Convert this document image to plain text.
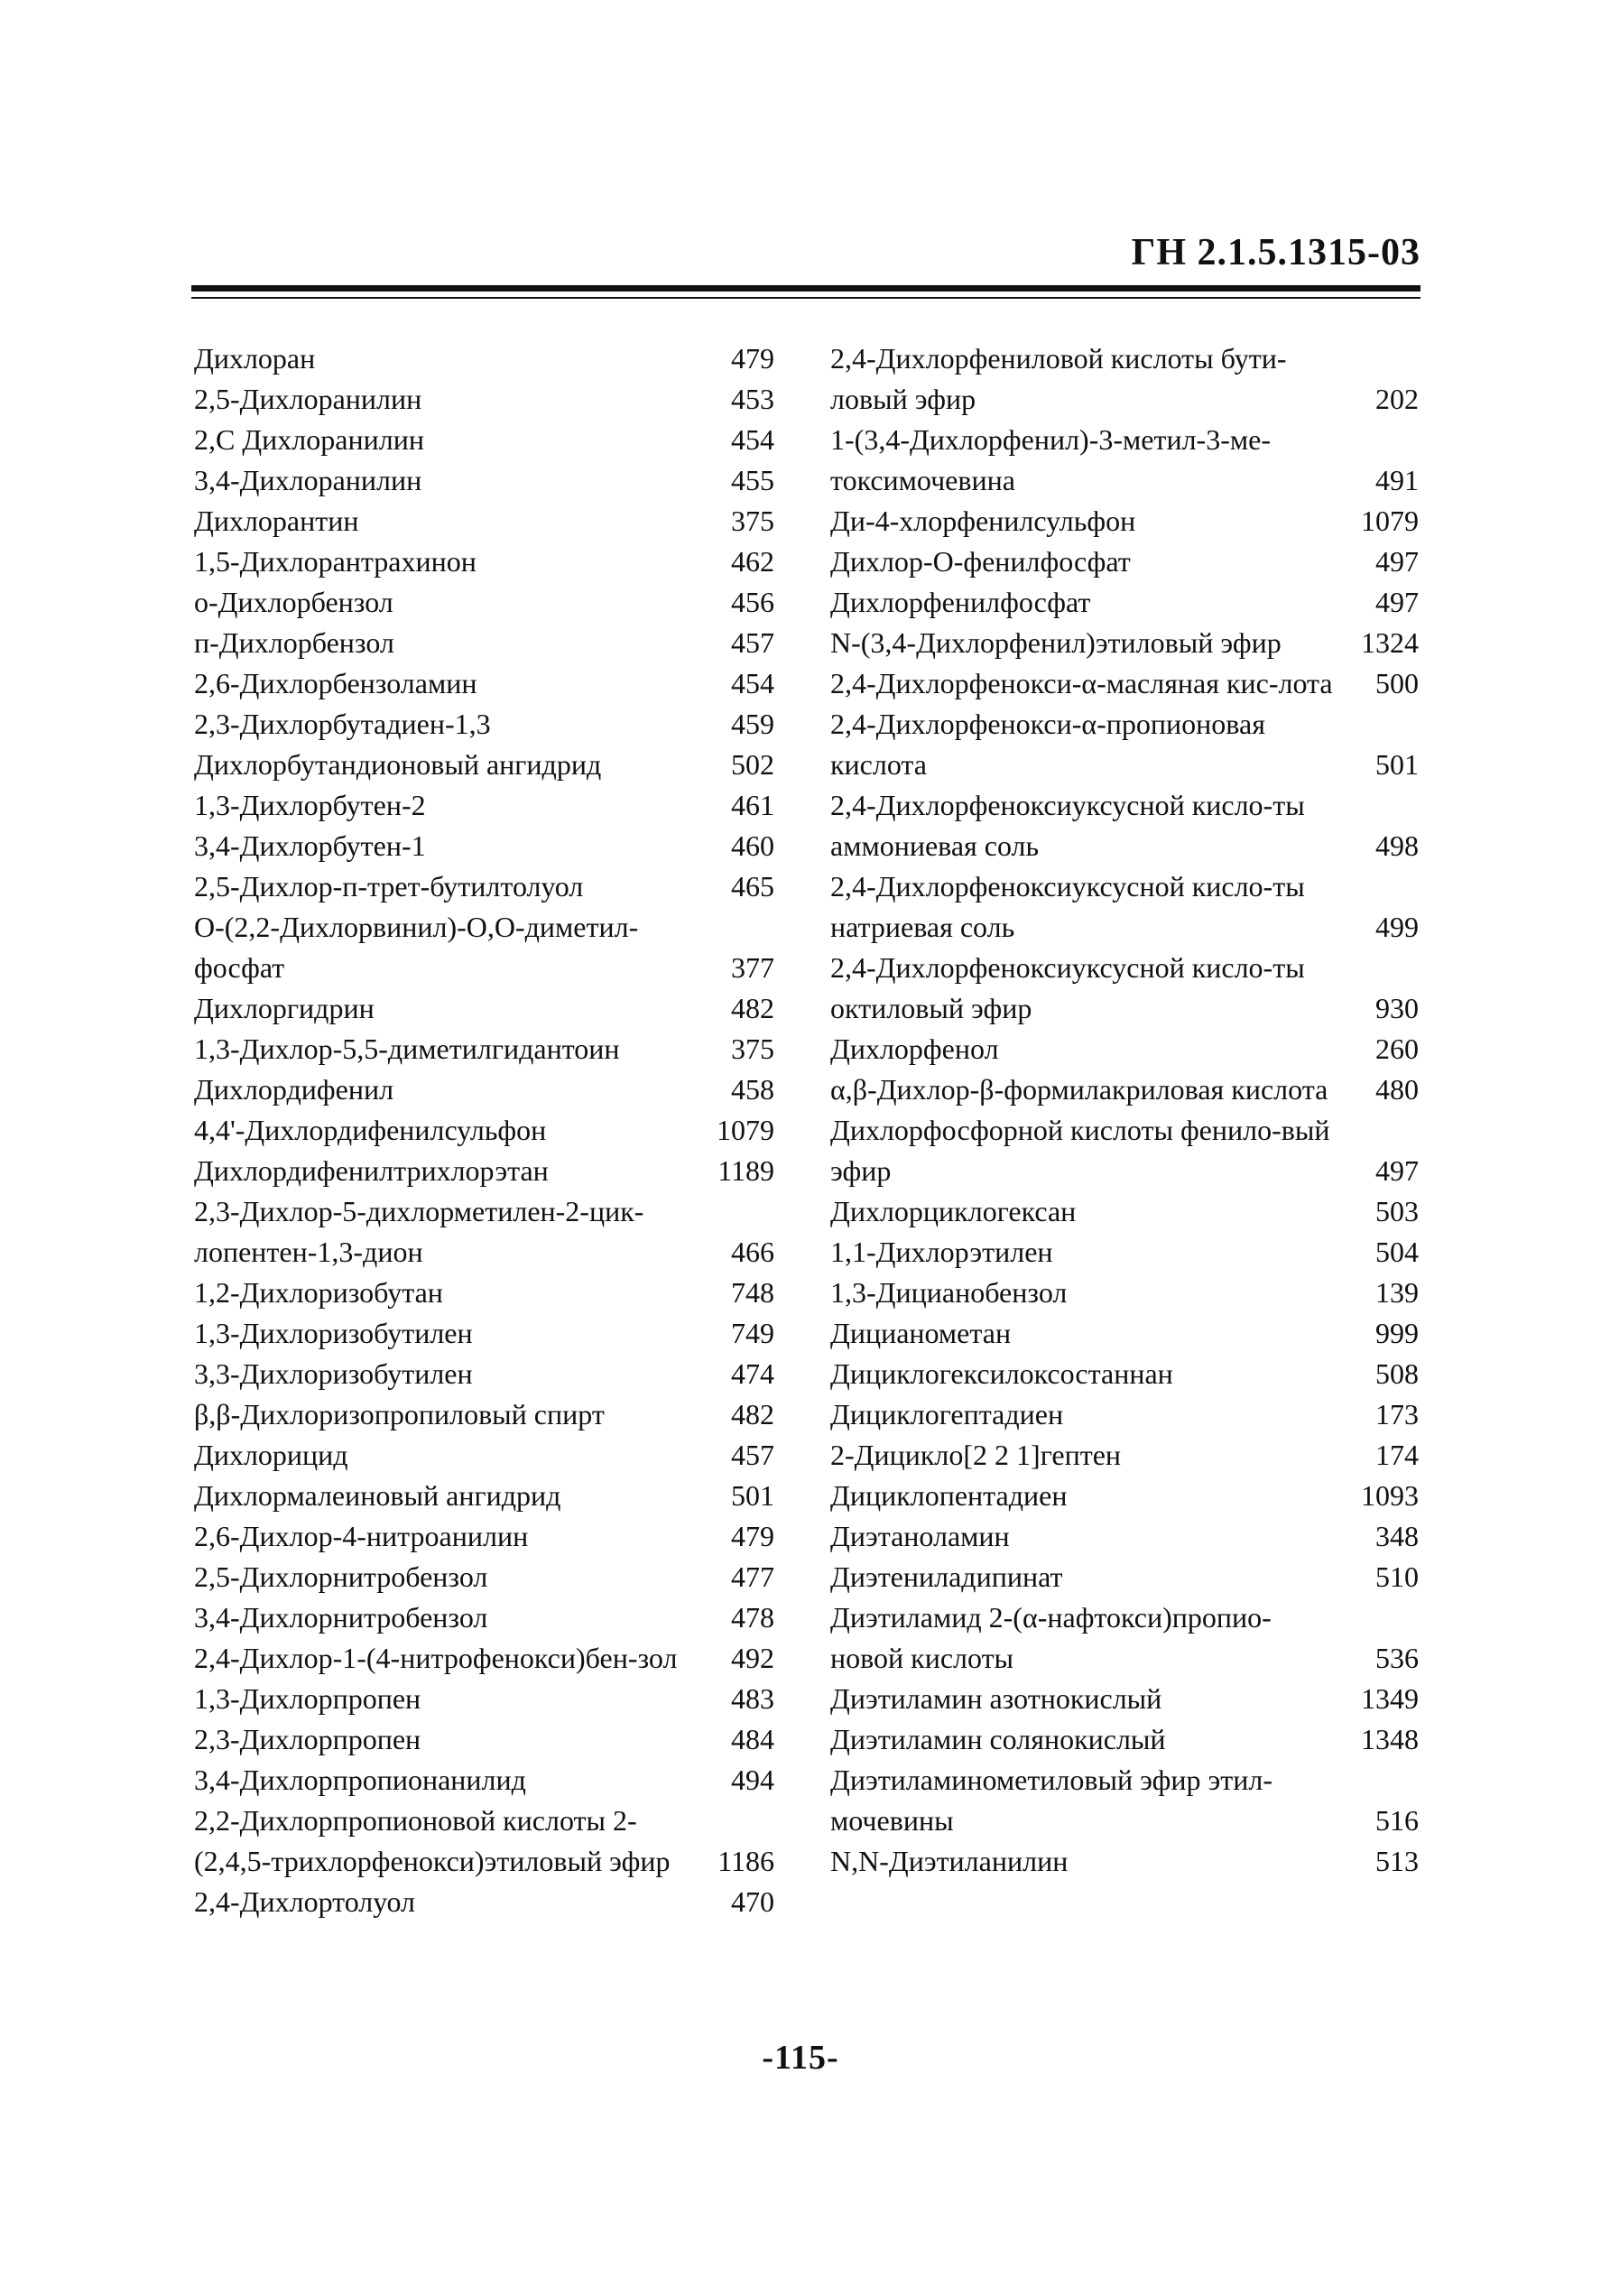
ГН 2.1.5.1315-03
Дихлоран	479
2,5-Дихлоранилин	453
2,С Дихлоранилин	454
3,4-Дихлоранилин	455
Дихлорантин	375
1,5-Дихлорантрахинон	462
о-Дихлорбензол	456
п-Дихлорбензол	457
2,6-Дихлорбензоламин	454
2,3-Дихлорбутадиен-1,3	459
Дихлорбутандионовый ангидрид	502
1,3-Дихлорбутен-2	461
3,4-Дихлорбутен-1	460
2,5-Дихлор-п-трет-бутилтолуол	465
О-(2,2-Дихлорвинил)-О,О-диметил-фосфат	377
Дихлоргидрин	482
1,3-Дихлор-5,5-диметилгидантоин	375
Дихлордифенил	458
4,4'-Дихлордифенилсульфон	1079
Дихлордифенилтрихлорэтан	1189
2,3-Дихлор-5-дихлорметилен-2-цик-лопентен-1,3-дион	466
1,2-Дихлоризобутан	748
1,3-Дихлоризобутилен	749
3,3-Дихлоризобутилен	474
β,β-Дихлоризопропиловый спирт	482
Дихлорицид	457
Дихлормалеиновый ангидрид	501
2,6-Дихлор-4-нитроанилин	479
2,5-Дихлорнитробензол	477
3,4-Дихлорнитробензол	478
2,4-Дихлор-1-(4-нитрофенокси)бен-зол	492
1,3-Дихлорпропен	483
2,3-Дихлорпропен	484
3,4-Дихлорпропионанилид	494
2,2-Дихлорпропионовой кислоты 2-(2,4,5-трихлорфенокси)этиловый эфир	1186
2,4-Дихлортолуол	470
2,4-Дихлорфениловой кислоты бути-ловый эфир	202
1-(3,4-Дихлорфенил)-3-метил-3-ме-токсимочевина	491
Ди-4-хлорфенилсульфон	1079
Дихлор-О-фенилфосфат	497
Дихлорфенилфосфат	497
N-(3,4-Дихлорфенил)этиловый эфир	1324
2,4-Дихлорфенокси-α-масляная кис-лота	500
2,4-Дихлорфенокси-α-пропионовая кислота	501
2,4-Дихлорфеноксиуксусной кисло-ты аммониевая соль	498
2,4-Дихлорфеноксиуксусной кисло-ты натриевая соль	499
2,4-Дихлорфеноксиуксусной кисло-ты октиловый эфир	930
Дихлорфенол	260
α,β-Дихлор-β-формилакриловая кислота	480
Дихлорфосфорной кислоты фенило-вый эфир	497
Дихлорциклогексан	503
1,1-Дихлорэтилен	504
1,3-Дицианобензол	139
Дицианометан	999
Дициклогексилоксостаннан	508
Дициклогептадиен	173
2-Дицикло[2 2 1]гептен	174
Дициклопентадиен	1093
Диэтаноламин	348
Диэтениладипинат	510
Диэтиламид 2-(α-нафтокси)пропио-новой кислоты	536
Диэтиламин азотнокислый	1349
Диэтиламин солянокислый	1348
Диэтиламинометиловый эфир этил-мочевины	516
N,N-Диэтиланилин	513
-115-
